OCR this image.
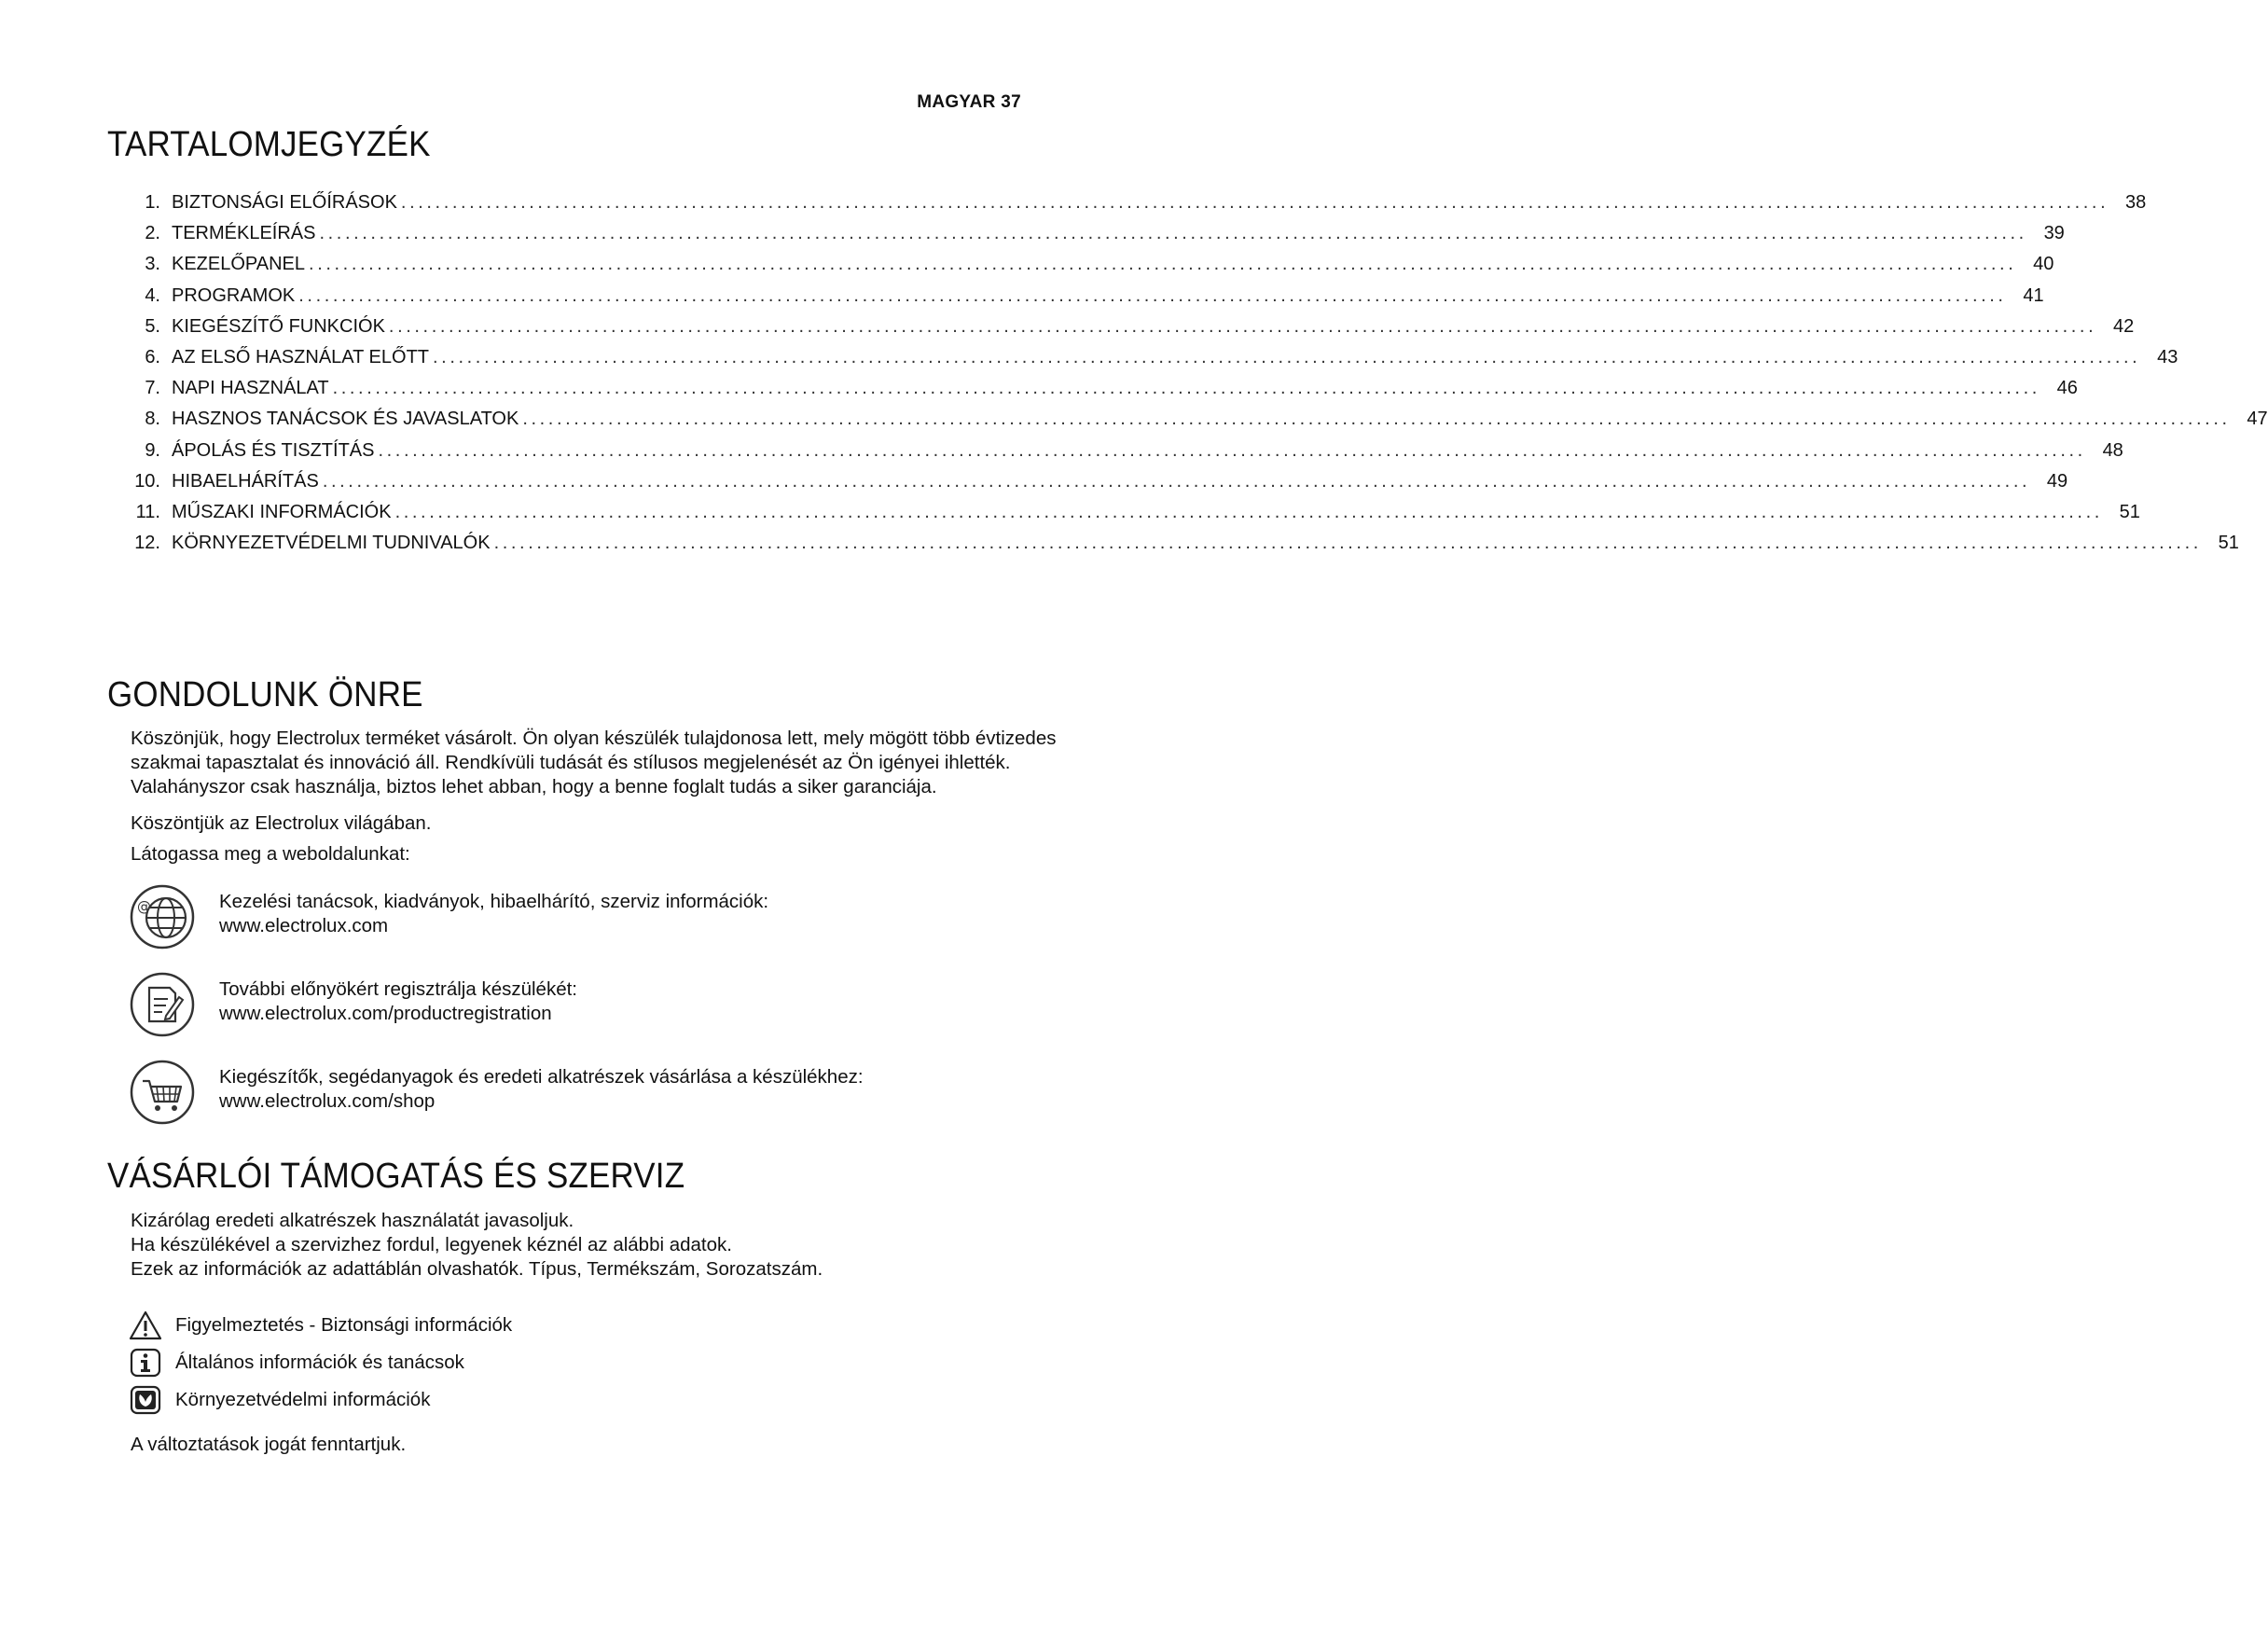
MAGYAR 37
TARTALOMJEGYZÉK
1. BIZTONSÁGI ELŐÍRÁSOK ........................................................................................................................................................................................................ 38
2. TERMÉKLEÍRÁS ........................................................................................................................................................................................................ 39
3. KEZELŐPANEL ........................................................................................................................................................................................................ 40
4. PROGRAMOK ........................................................................................................................................................................................................ 41
5. KIEGÉSZÍTŐ FUNKCIÓK ........................................................................................................................................................................................................ 42
6. AZ ELSŐ HASZNÁLAT ELŐTT ........................................................................................................................................................................................................ 43
7. NAPI HASZNÁLAT ........................................................................................................................................................................................................ 46
8. HASZNOS TANÁCSOK ÉS JAVASLATOK ........................................................................................................................................................................................................ 47
9. ÁPOLÁS ÉS TISZTÍTÁS ........................................................................................................................................................................................................ 48
10. HIBAELHÁRÍTÁS ........................................................................................................................................................................................................ 49
11. MŰSZAKI INFORMÁCIÓK ........................................................................................................................................................................................................ 51
12. KÖRNYEZETVÉDELMI TUDNIVALÓK ........................................................................................................................................................................................................ 51
GONDOLUNK ÖNRE
Köszönjük, hogy Electrolux terméket vásárolt. Ön olyan készülék tulajdonosa lett, mely mögött több évtizedes
szakmai tapasztalat és innováció áll. Rendkívüli tudását és stílusos megjelenését az Ön igényei ihlették.
Valahányszor csak használja, biztos lehet abban, hogy a benne foglalt tudás a siker garanciája.
Köszöntjük az Electrolux világában.
Látogassa meg a weboldalunkat:
@	Kezelési tanácsok, kiadványok, hibaelhárító, szerviz információk:
www.electrolux.com
További előnyökért regisztrálja készülékét:
www.electrolux.com/productregistration
Kiegészítők, segédanyagok és eredeti alkatrészek vásárlása a készülékhez:
www.electrolux.com/shop
VÁSÁRLÓI TÁMOGATÁS ÉS SZERVIZ
Kizárólag eredeti alkatrészek használatát javasoljuk.
Ha készülékével a szervizhez fordul, legyenek kéznél az alábbi adatok.
Ezek az információk az adattáblán olvashatók. Típus, Termékszám, Sorozatszám.
Figyelmeztetés - Biztonsági információk
Általános információk és tanácsok
Környezetvédelmi információk
A változtatások jogát fenntartjuk.
